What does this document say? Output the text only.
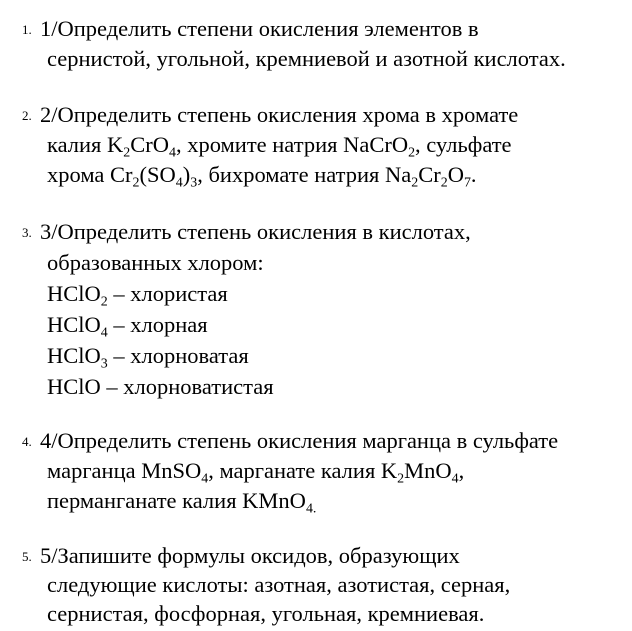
1. 1/Определить степени окисления элементов в
сернистой, угольной, кремниевой и азотной кислотах.
2. 2/Определить степень окисления хрома в хромате
калия $K_2CrO_4$, хромите натрия NaCrO$_2$, сульфате
хрома $Cr_2(SO_4)_3$, бихромате натрия $Na_2Cr_2O_7$.
3. 3/Определить степень окисления в кислотах,
образованных хлором:
HClO$_2$ – хлористая
HClO$_4$ – хлорная
HClO$_3$ – хлорноватая
HClO – хлорноватистая
4. 4/Определить степень окисления марганца в сульфате
марганца MnSO$_4$, марганате калия $K_2MnO_4$,
перманганате калия KMnO$_{4.}$
5. 5/Запишите формулы оксидов, образующих
следующие кислоты: азотная, азотистая, серная,
сернистая, фосфорная, угольная, кремниевая.
